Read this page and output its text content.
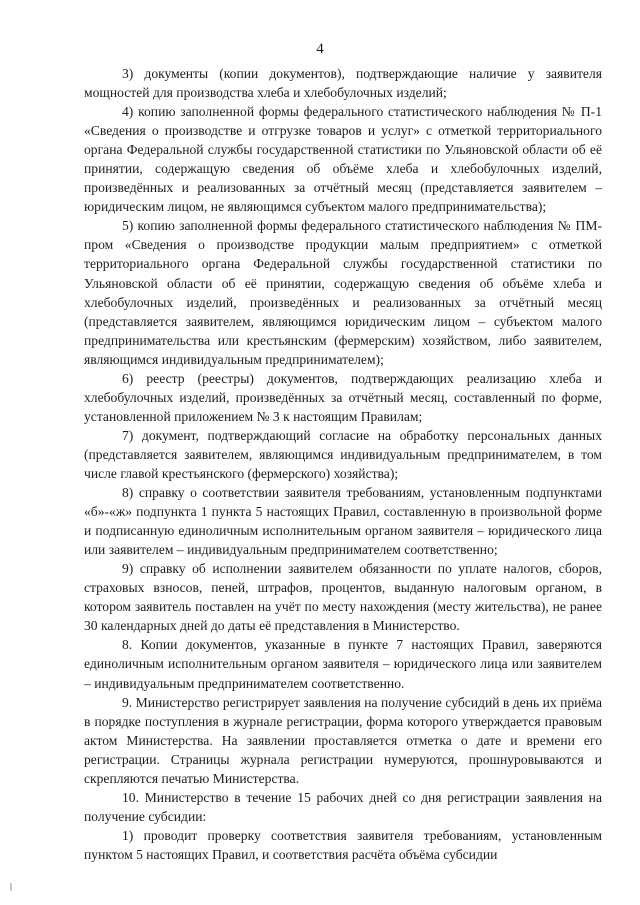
4

3) документы (копии документов), подтверждающие наличие у заявителя мощностей для производства хлеба и хлебобулочных изделий;

4) копию заполненной формы федерального статистического наблюдения № П-1 «Сведения о производстве и отгрузке товаров и услуг» с отметкой территориального органа Федеральной службы государственной статистики по Ульяновской области об её принятии, содержащую сведения об объёме хлеба и хлебобулочных изделий, произведённых и реализованных за отчётный месяц (представляется заявителем – юридическим лицом, не являющимся субъектом малого предпринимательства);

5) копию заполненной формы федерального статистического наблюдения № ПМ-пром «Сведения о производстве продукции малым предприятием» с отметкой территориального органа Федеральной службы государственной статистики по Ульяновской области об её принятии, содержащую сведения об объёме хлеба и хлебобулочных изделий, произведённых и реализованных за отчётный месяц (представляется заявителем, являющимся юридическим лицом – субъектом малого предпринимательства или крестьянским (фермерским) хозяйством, либо заявителем, являющимся индивидуальным предпринимателем);

6) реестр (реестры) документов, подтверждающих реализацию хлеба и хлебобулочных изделий, произведённых за отчётный месяц, составленный по форме, установленной приложением № 3 к настоящим Правилам;

7) документ, подтверждающий согласие на обработку персональных данных (представляется заявителем, являющимся индивидуальным предпринимателем, в том числе главой крестьянского (фермерского) хозяйства);

8) справку о соответствии заявителя требованиям, установленным подпунктами «б»-«ж» подпункта 1 пункта 5 настоящих Правил, составленную в произвольной форме и подписанную единоличным исполнительным органом заявителя – юридического лица или заявителем – индивидуальным предпринимателем соответственно;

9) справку об исполнении заявителем обязанности по уплате налогов, сборов, страховых взносов, пеней, штрафов, процентов, выданную налоговым органом, в котором заявитель поставлен на учёт по месту нахождения (месту жительства), не ранее 30 календарных дней до даты её представления в Министерство.

8. Копии документов, указанные в пункте 7 настоящих Правил, заверяются единоличным исполнительным органом заявителя – юридического лица или заявителем – индивидуальным предпринимателем соответственно.

9. Министерство регистрирует заявления на получение субсидий в день их приёма в порядке поступления в журнале регистрации, форма которого утверждается правовым актом Министерства. На заявлении проставляется отметка о дате и времени его регистрации. Страницы журнала регистрации нумеруются, прошнуровываются и скрепляются печатью Министерства.

10. Министерство в течение 15 рабочих дней со дня регистрации заявления на получение субсидии:

1) проводит проверку соответствия заявителя требованиям, установленным пунктом 5 настоящих Правил, и соответствия расчёта объёма субсидии
